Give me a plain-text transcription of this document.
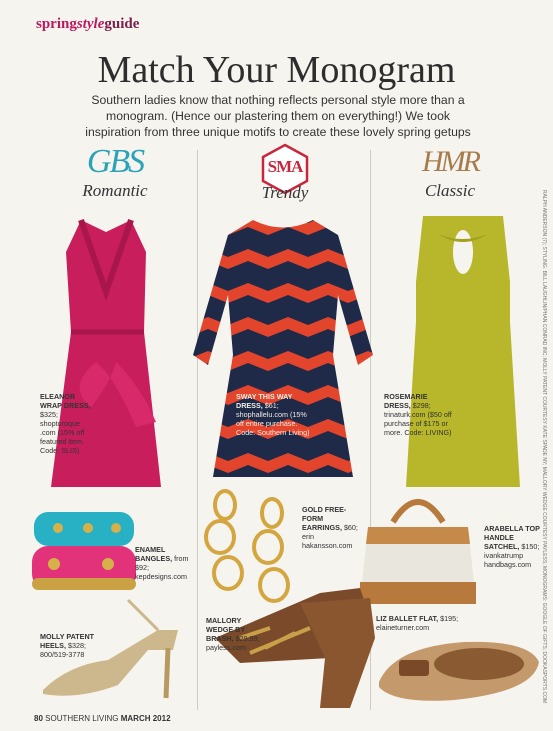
springstyleguide
Match Your Monogram
Southern ladies know that nothing reflects personal style more than a monogram. (Hence our plastering them on everything!) We took inspiration from three unique motifs to create these lovely spring getups
GBS
Romantic
SMA
Trendy
HMR
Classic
ELEANOR WRAP DRESS, $325; shoptoroque .com (15% off featured item. Code: SLIS)
SWAY THIS WAY DRESS, $61; shophallelu.com (15% off entire purchase. Code: Southern Living)
ROSEMARIE DRESS, $298; trinaturk.com ($50 off purchase of $175 or more. Code: LIVING)
ENAMEL BANGLES, from $92; kepdesigns.com
GOLD FREE-FORM EARRINGS, $60; erin hakansson.com
ARABELLA TOP HANDLE SATCHEL, $150; ivankatrump handbags.com
MALLORY WEDGE BY BRASH, $29.99; payless.com
MOLLY PATENT HEELS, $328; 800/519-3778
LIZ BALLET FLAT, $195; elaineturner.com
80 SOUTHERN LIVING MARCH 2012
RALPH ANDERSON (7); STYLING: BILL LAUGHLIN/PHAN CONRAD INC; MOLLY PATENT COURTESY KATE SPADE NY; MALLORY WEDGE COURTESY PAYLESS; MONOGRAMS: GOOGLE OF GIFTS; DOOKASPORTS.COM
